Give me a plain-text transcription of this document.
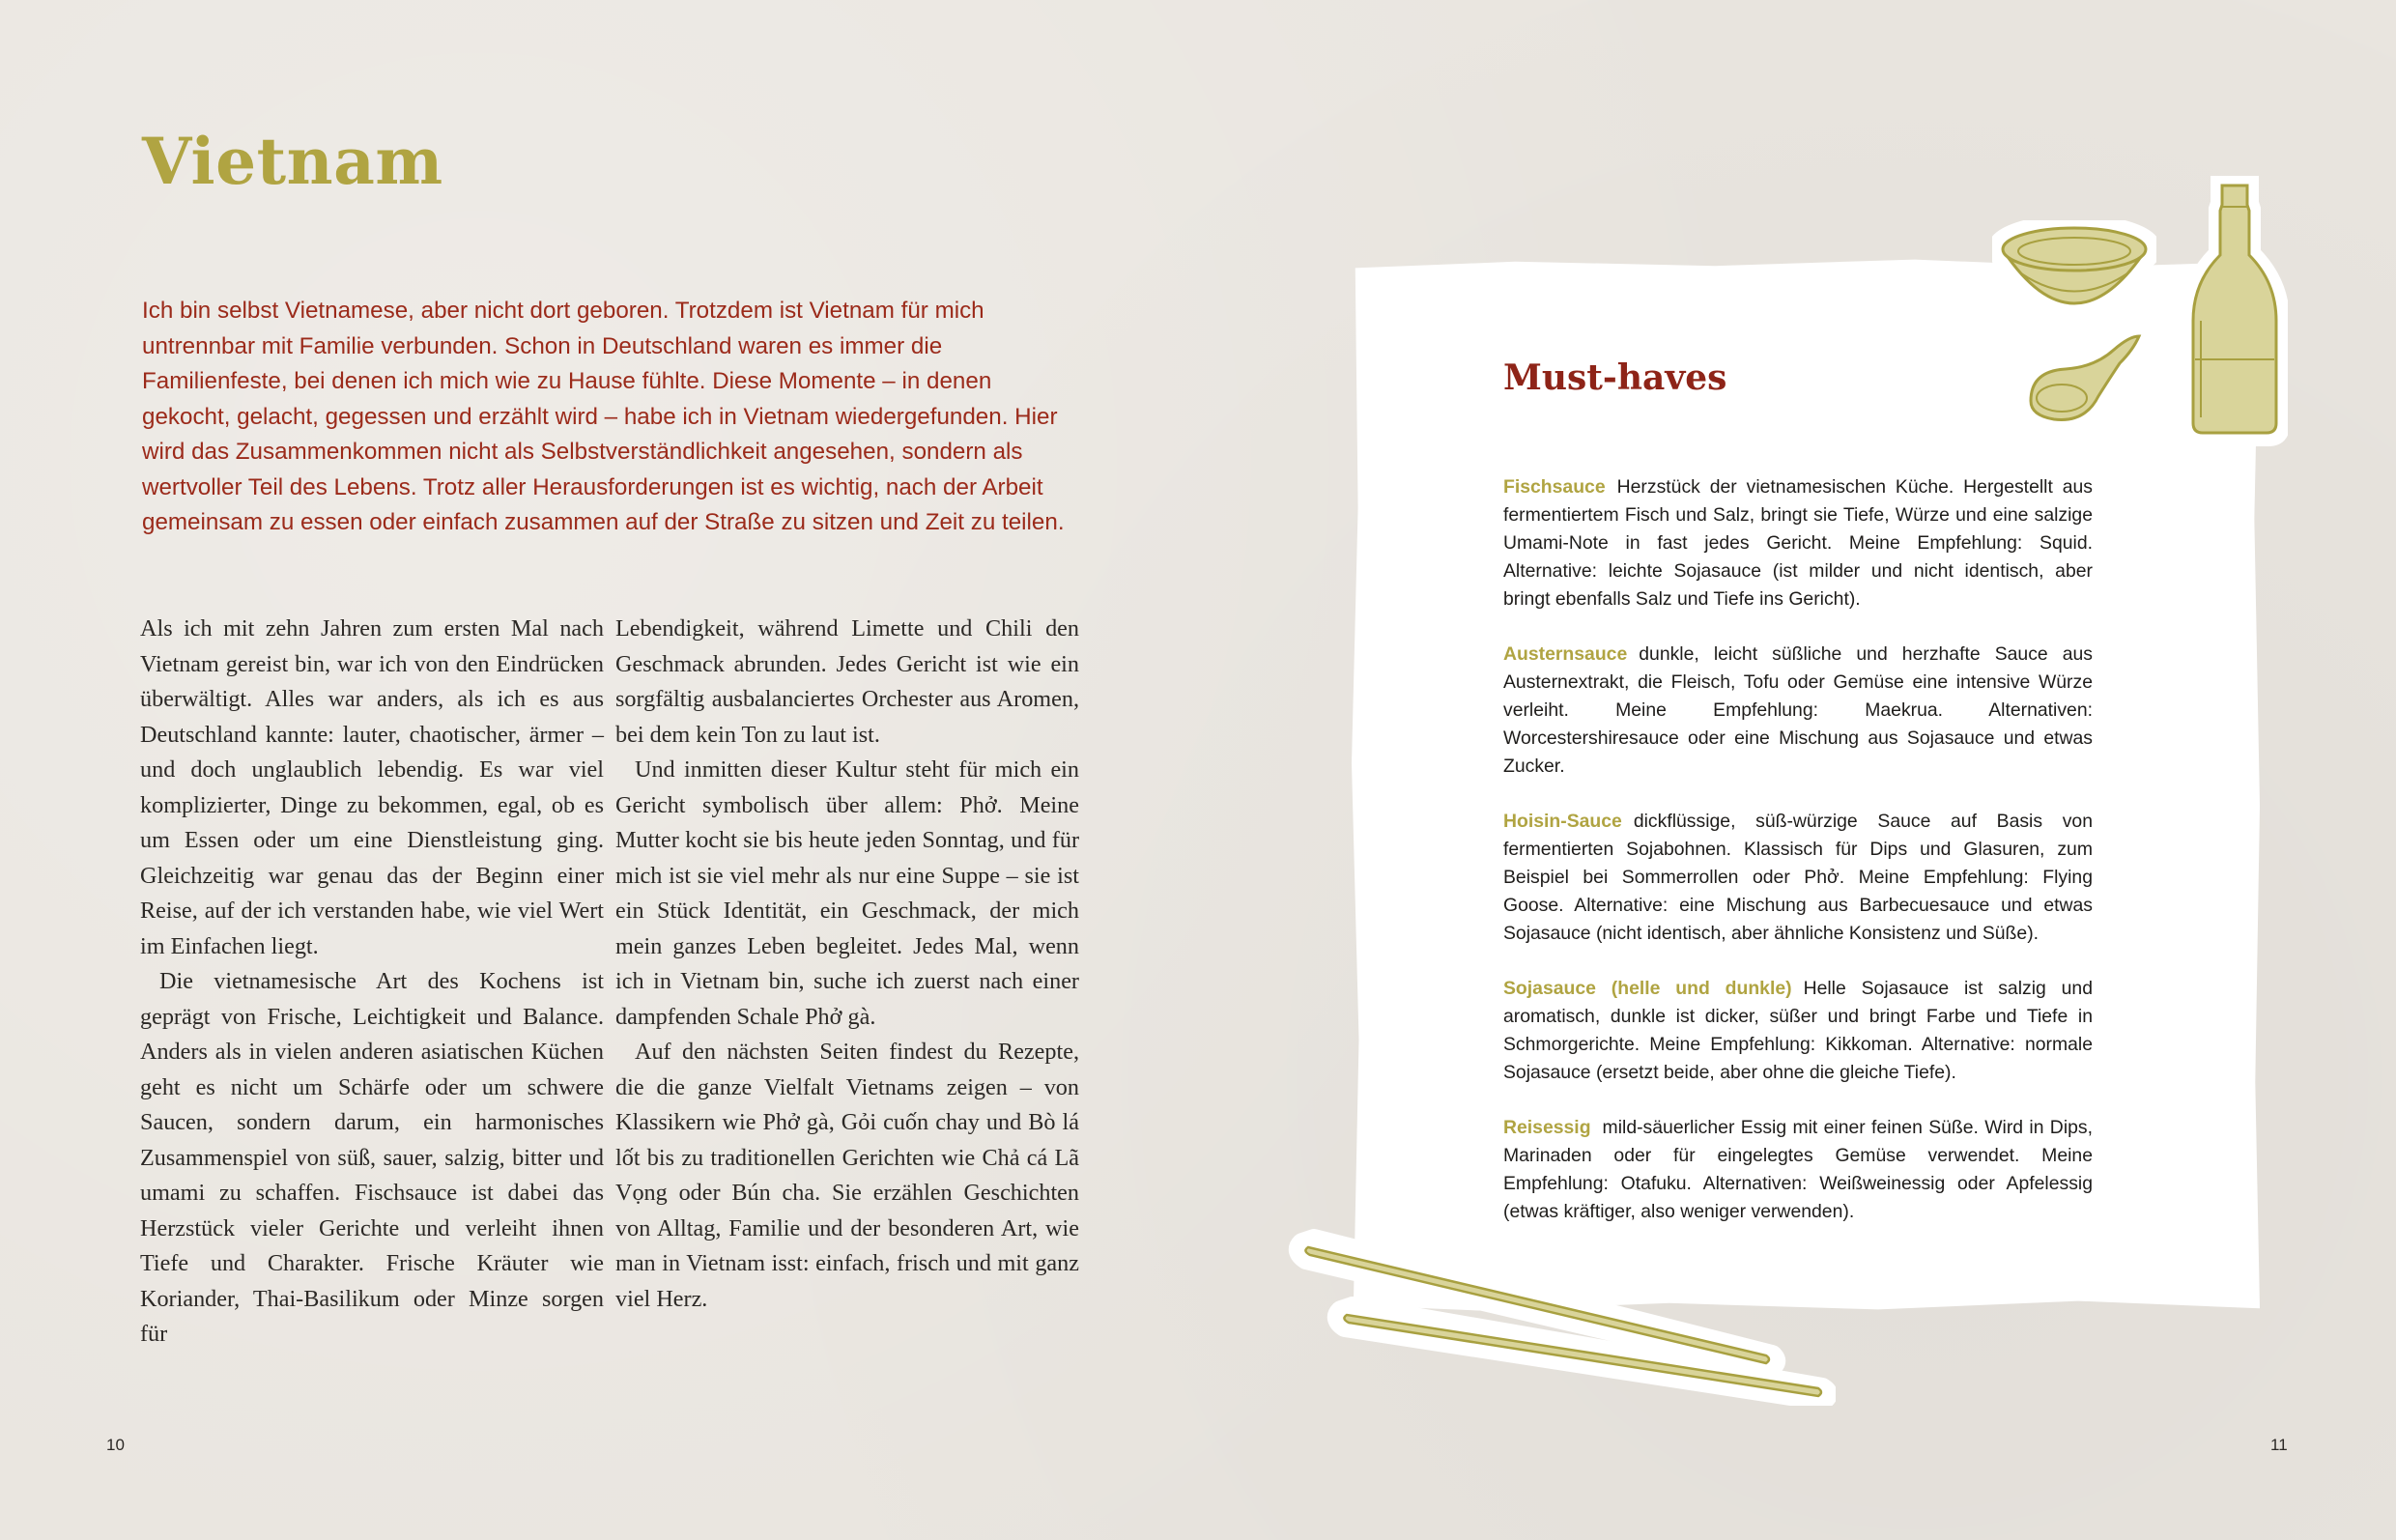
Vietnam

Ich bin selbst Vietnamese, aber nicht dort geboren. Trotzdem ist Vietnam für mich untrennbar mit Familie verbunden. Schon in Deutschland waren es immer die Familienfeste, bei denen ich mich wie zu Hause fühlte. Diese Momente – in denen gekocht, gelacht, gegessen und erzählt wird – habe ich in Vietnam wiedergefunden. Hier wird das Zusammenkommen nicht als Selbstverständlichkeit angesehen, sondern als wertvoller Teil des Lebens. Trotz aller Herausforderungen ist es wichtig, nach der Arbeit gemeinsam zu essen oder einfach zusammen auf der Straße zu sitzen und Zeit zu teilen.

Als ich mit zehn Jahren zum ersten Mal nach Vietnam gereist bin, war ich von den Eindrücken überwältigt. Alles war anders, als ich es aus Deutschland kannte: lauter, chaotischer, ärmer – und doch unglaublich lebendig. Es war viel komplizierter, Dinge zu bekommen, egal, ob es um Essen oder um eine Dienstleistung ging. Gleichzeitig war genau das der Beginn einer Reise, auf der ich verstanden habe, wie viel Wert im Einfachen liegt.

Die vietnamesische Art des Kochens ist geprägt von Frische, Leichtigkeit und Balance. Anders als in vielen anderen asiatischen Küchen geht es nicht um Schärfe oder um schwere Saucen, sondern darum, ein harmonisches Zusammenspiel von süß, sauer, salzig, bitter und umami zu schaffen. Fischsauce ist dabei das Herzstück vieler Gerichte und verleiht ihnen Tiefe und Charakter. Frische Kräuter wie Koriander, Thai-Basilikum oder Minze sorgen für

Lebendigkeit, während Limette und Chili den Geschmack abrunden. Jedes Gericht ist wie ein sorgfältig ausbalanciertes Orchester aus Aromen, bei dem kein Ton zu laut ist.

Und inmitten dieser Kultur steht für mich ein Gericht symbolisch über allem: Phở. Meine Mutter kocht sie bis heute jeden Sonntag, und für mich ist sie viel mehr als nur eine Suppe – sie ist ein Stück Identität, ein Geschmack, der mich mein ganzes Leben begleitet. Jedes Mal, wenn ich in Vietnam bin, suche ich zuerst nach einer dampfenden Schale Phở gà.

Auf den nächsten Seiten findest du Rezepte, die die ganze Vielfalt Vietnams zeigen – von Klassikern wie Phở gà, Gỏi cuốn chay und Bò lá lốt bis zu traditionellen Gerichten wie Chả cá Lã Vọng oder Bún cha. Sie erzählen Geschichten von Alltag, Familie und der besonderen Art, wie man in Vietnam isst: einfach, frisch und mit ganz viel Herz.

10

Must-haves

Fischsauce Herzstück der vietnamesischen Küche. Hergestellt aus fermentiertem Fisch und Salz, bringt sie Tiefe, Würze und eine salzige Umami-Note in fast jedes Gericht. Meine Empfehlung: Squid. Alternative: leichte Sojasauce (ist milder und nicht identisch, aber bringt ebenfalls Salz und Tiefe ins Gericht).

Austernsauce dunkle, leicht süßliche und herzhafte Sauce aus Austernextrakt, die Fleisch, Tofu oder Gemüse eine intensive Würze verleiht. Meine Empfehlung: Maekrua. Alternativen: Worcestershiresauce oder eine Mischung aus Sojasauce und etwas Zucker.

Hoisin-Sauce dickflüssige, süß-würzige Sauce auf Basis von fermentierten Sojabohnen. Klassisch für Dips und Glasuren, zum Beispiel bei Sommerrollen oder Phở. Meine Empfehlung: Flying Goose. Alternative: eine Mischung aus Barbecuesauce und etwas Sojasauce (nicht identisch, aber ähnliche Konsistenz und Süße).

Sojasauce (helle und dunkle) Helle Sojasauce ist salzig und aromatisch, dunkle ist dicker, süßer und bringt Farbe und Tiefe in Schmorgerichte. Meine Empfehlung: Kikkoman. Alternative: normale Sojasauce (ersetzt beide, aber ohne die gleiche Tiefe).

Reisessig mild-säuerlicher Essig mit einer feinen Süße. Wird in Dips, Marinaden oder für eingelegtes Gemüse verwendet. Meine Empfehlung: Otafuku. Alternativen: Weißweinessig oder Apfelessig (etwas kräftiger, also weniger verwenden).

11
